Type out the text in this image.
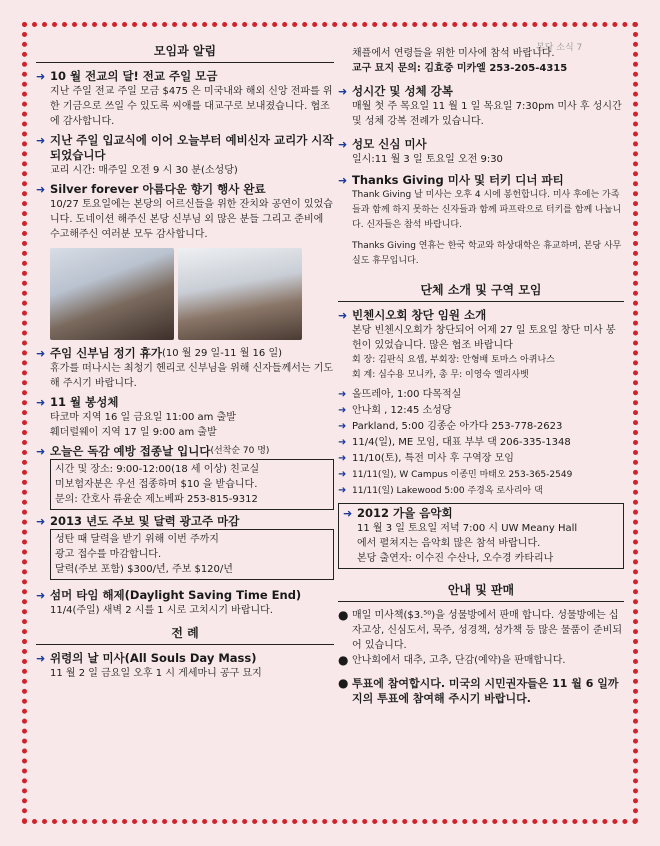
본당 소식 7
모임과 알림
➜ 10 월 전교의 달! 전교 주일 모금
지난 주일 전교 주일 모금 $475 은 미국내와 해외 신앙 전파를 위한 기금으로 쓰일 수 있도록 씨애를 대교구로 보내졌습니다. 협조에 감사합니다.
➜ 지난 주일 입교식에 이어 오늘부터 예비신자 교리가 시작되었습니다
교리 시간: 매주일 오전 9 시 30 분(소성당)
➜ Silver forever 아름다운 향기 행사 완료
10/27 토요일에는 본당의 어르신들을 위한 잔치와 공연이 있었습니다. 도네이션 해주신 본당 신부님 외 많은 분들 그리고 준비에 수고해주신 여러분 모두 감사합니다.
➜ 주임 신부님 정기 휴가 (10 월 29 일-11 월 16 일)
휴가를 떠나시는 최청기 헨리코 신부님을 위해 신자들께서는 기도해 주시기 바랍니다.
➜ 11 월 봉성체
타코마 지역 16 일 금요일 11:00 am 출발
훼더럴웨이 지역 17 일 9:00 am 출발
➜ 오늘은 독감 예방 접종날 입니다 (선착순 70 명)
시간 및 장소: 9:00-12:00(18 세 이상) 친교실
미보험자분은 우선 접종하며 $10 을 받습니다.
문의: 간호사 류윤순 제노베파 253-815-9312
➜ 2013 년도 주보 및 달력 광고주 마감
성탄 때 달력을 받기 위해 이번 주까지
광고 접수를 마감합니다.
달력(주보 포함) $300/년, 주보 $120/년
➜ 섬머 타임 해제(Daylight Saving Time End)
11/4(주일) 새벽 2 시를 1 시로 고치시기 바랍니다.
전 례
➜ 위령의 날 미사(All Souls Day Mass)
11 월 2 일 금요일 오후 1 시 게세마니 공구 묘지
채플에서 연령들을 위한 미사에 참석 바랍니다.
교구 묘지 문의: 김효중 미카엘 253-205-4315
➜ 성시간 및 성체 강복
매월 첫 주 목요일 11 월 1 일 목요일 7:30pm 미사 후 성시간 및 성체 강복 전례가 있습니다.
➜ 성모 신심 미사
일시:11 월 3 일 토요일 오전 9:30
➜ Thanks Giving 미사 및 터키 디너 파티
Thank Giving 날 미사는 오후 4 시에 봉헌합니다. 미사 후에는 가족들과 함께 하지 못하는 신자들과 함께 파프락으로 터키를 함께 나눕니다. 신자들은 참석 바랍니다.
Thanks Giving 연휴는 한국 학교와 하상대학은 휴교하며, 본당 사무실도 휴무입니다.
단체 소개 및 구역 모임
➜ 빈첸시오회 창단 임원 소개
본당 빈첸시오회가 창단되어 어제 27 일 토요일 창단 미사 봉헌이 있었습니다. 많은 협조 바랍니다
회 장: 김판식 요셉, 부회장: 안형배 토마스 아퀴나스
회 계: 심수용 모니카, 총 무: 이영숙 엘리사벳
➜ 올뜨레아, 1:00 다목적실
➜ 안나회 , 12:45 소성당
➜ Parkland, 5:00 김종순 아가다 253-778-2623
➜ 11/4(일), ME 모임, 대표 부부 댁 206-335-1348
➜ 11/10(토), 특전 미사 후 구역장 모임
➜ 11/11(일), W Campus 이종민 마태오 253-365-2549
➜ 11/11(일) Lakewood 5:00 주경옥 로사리아 댁
➜ 2012 가을 음악회
11 월 3 일 토요일 저녁 7:00 시 UW Meany Hall
에서 펼쳐지는 음악회 많은 참석 바랍니다.
본당 출연자: 이수진 수산나, 오수경 카타리나
안내 및 판매
● 매일 미사책($3.⁵⁰)을 성물방에서 판매 합니다. 성물방에는 십자고상, 신심도서, 묵주, 성경책, 성가책 등 많은 물품이 준비되어 있습니다.
● 안나회에서 대추, 고추, 단감(예약)을 판매합니다.
● 투표에 참여합시다. 미국의 시민권자들은 11 월 6 일까지의 투표에 참여해 주시기 바랍니다.
